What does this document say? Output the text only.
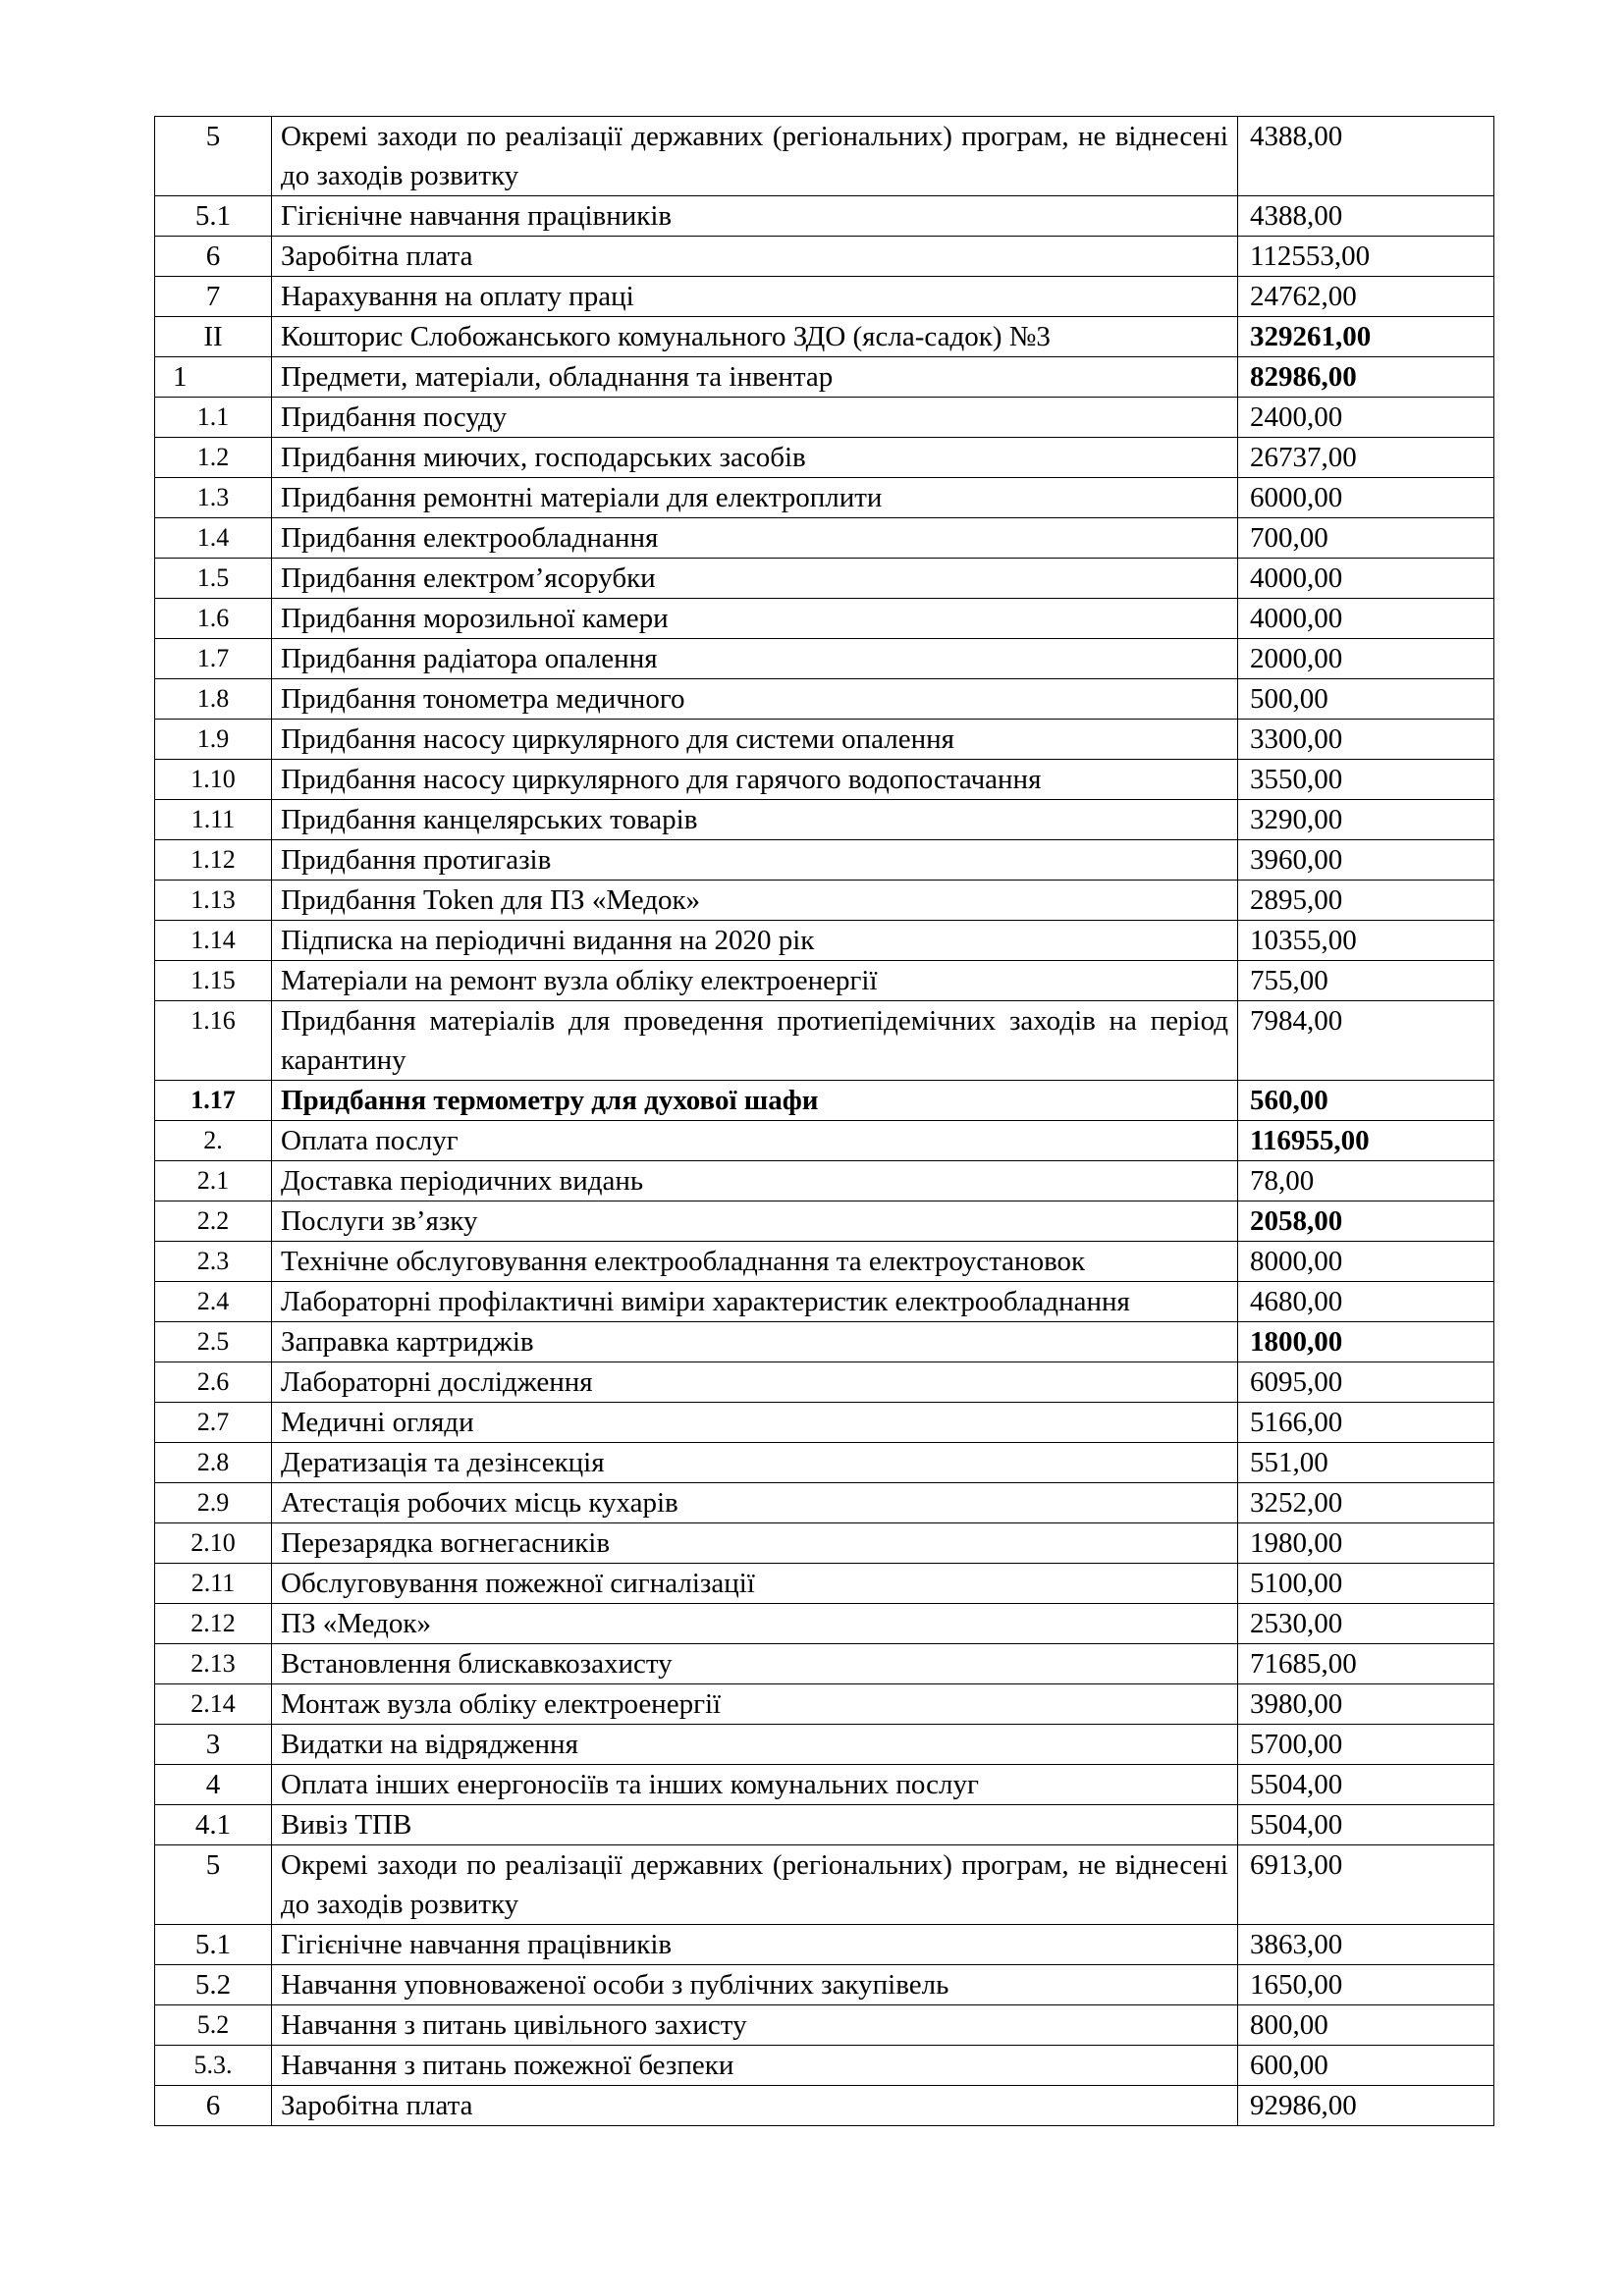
5	Окремі заходи по реалізації державних (регіональних) програм, не віднесені до заходів розвитку	4388,00
5.1	Гігієнічне навчання працівників	4388,00
6	Заробітна плата	112553,00
7	Нарахування на оплату праці	24762,00
ІІ	Кошторис Слобожанського комунального ЗДО (ясла-садок) №3	329261,00
1	Предмети, матеріали, обладнання та інвентар	82986,00
1.1	Придбання посуду	2400,00
1.2	Придбання миючих, господарських засобів	26737,00
1.3	Придбання ремонтні матеріали для електроплити	6000,00
1.4	Придбання електрообладнання	700,00
1.5	Придбання електром’ясорубки	4000,00
1.6	Придбання морозильної камери	4000,00
1.7	Придбання радіатора опалення	2000,00
1.8	Придбання тонометра медичного	500,00
1.9	Придбання насосу циркулярного для системи опалення	3300,00
1.10	Придбання насосу циркулярного для гарячого водопостачання	3550,00
1.11	Придбання канцелярських товарів	3290,00
1.12	Придбання протигазів	3960,00
1.13	Придбання Token для ПЗ «Медок»	2895,00
1.14	Підписка на періодичні видання на 2020 рік	10355,00
1.15	Матеріали на ремонт вузла обліку електроенергії	755,00
1.16	Придбання матеріалів для проведення протиепідемічних заходів на період карантину	7984,00
1.17	Придбання термометру для духової шафи	560,00
2.	Оплата послуг	116955,00
2.1	Доставка періодичних видань	78,00
2.2	Послуги зв’язку	2058,00
2.3	Технічне обслуговування електрообладнання та електроустановок	8000,00
2.4	Лабораторні профілактичні виміри характеристик електрообладнання	4680,00
2.5	Заправка картриджів	1800,00
2.6	Лабораторні дослідження	6095,00
2.7	Медичні огляди	5166,00
2.8	Дератизація та дезінсекція	551,00
2.9	Атестація робочих місць кухарів	3252,00
2.10	Перезарядка вогнегасників	1980,00
2.11	Обслуговування пожежної сигналізації	5100,00
2.12	ПЗ «Медок»	2530,00
2.13	Встановлення блискавкозахисту	71685,00
2.14	Монтаж вузла обліку електроенергії	3980,00
3	Видатки на відрядження	5700,00
4	Оплата інших енергоносіїв та інших комунальних послуг	5504,00
4.1	Вивіз ТПВ	5504,00
5	Окремі заходи по реалізації державних (регіональних) програм, не віднесені до заходів розвитку	6913,00
5.1	Гігієнічне навчання працівників	3863,00
5.2	Навчання уповноваженої особи з публічних закупівель	1650,00
5.2	Навчання з питань цивільного захисту	800,00
5.3.	Навчання з питань пожежної безпеки	600,00
6	Заробітна плата	92986,00
